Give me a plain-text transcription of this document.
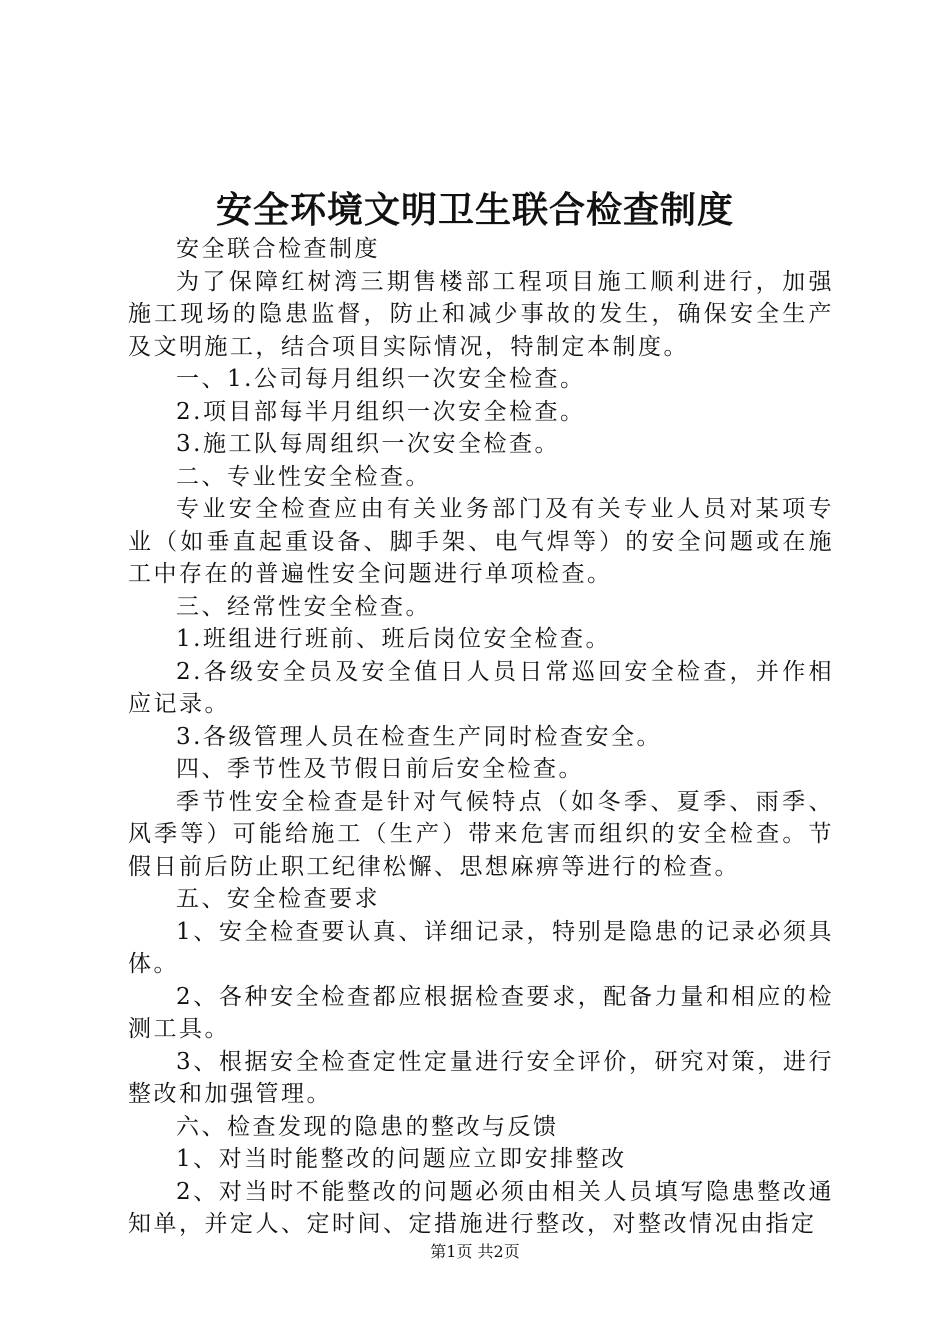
安全环境文明卫生联合检查制度

安全联合检查制度

为了保障红树湾三期售楼部工程项目施工顺利进行，加强施工现场的隐患监督，防止和减少事故的发生，确保安全生产及文明施工，结合项目实际情况，特制定本制度。

一、1.公司每月组织一次安全检查。

2.项目部每半月组织一次安全检查。

3.施工队每周组织一次安全检查。

二、专业性安全检查。

专业安全检查应由有关业务部门及有关专业人员对某项专业（如垂直起重设备、脚手架、电气焊等）的安全问题或在施工中存在的普遍性安全问题进行单项检查。

三、经常性安全检查。

1.班组进行班前、班后岗位安全检查。

2.各级安全员及安全值日人员日常巡回安全检查，并作相应记录。

3.各级管理人员在检查生产同时检查安全。

四、季节性及节假日前后安全检查。

季节性安全检查是针对气候特点（如冬季、夏季、雨季、风季等）可能给施工（生产）带来危害而组织的安全检查。节假日前后防止职工纪律松懈、思想麻痹等进行的检查。

五、安全检查要求

1、安全检查要认真、详细记录，特别是隐患的记录必须具体。

2、各种安全检查都应根据检查要求，配备力量和相应的检测工具。

3、根据安全检查定性定量进行安全评价，研究对策，进行整改和加强管理。

六、检查发现的隐患的整改与反馈

1、对当时能整改的问题应立即安排整改

2、对当时不能整改的问题必须由相关人员填写隐患整改通知单，并定人、定时间、定措施进行整改，对整改情况由指定

第1页 共2页
